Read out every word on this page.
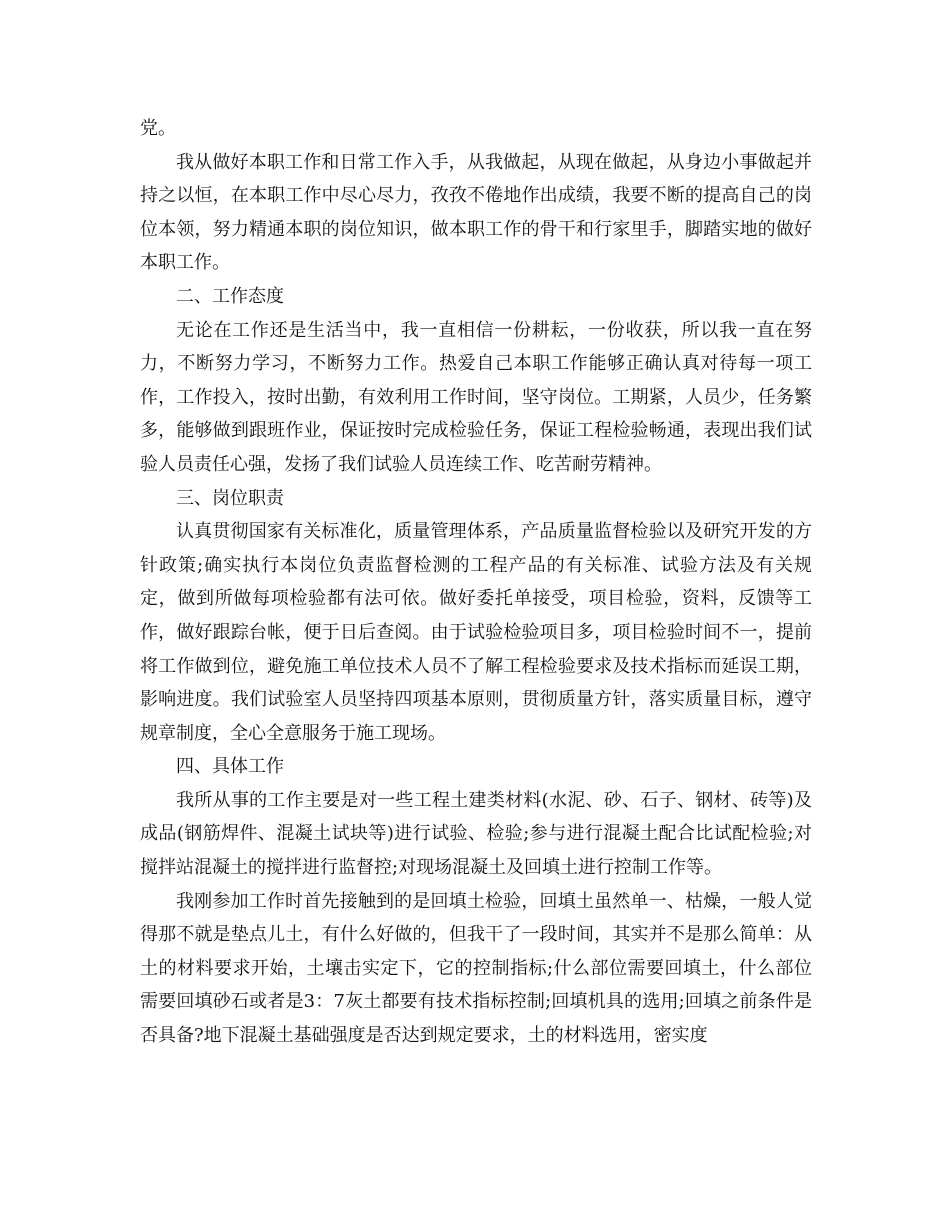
党。

我从做好本职工作和日常工作入手，从我做起，从现在做起，从身边小事做起并持之以恒，在本职工作中尽心尽力，孜孜不倦地作出成绩，我要不断的提高自己的岗位本领，努力精通本职的岗位知识，做本职工作的骨干和行家里手，脚踏实地的做好本职工作。

二、工作态度

无论在工作还是生活当中，我一直相信一份耕耘，一份收获，所以我一直在努力，不断努力学习，不断努力工作。热爱自己本职工作能够正确认真对待每一项工作，工作投入，按时出勤，有效利用工作时间，坚守岗位。工期紧，人员少，任务繁多，能够做到跟班作业，保证按时完成检验任务，保证工程检验畅通，表现出我们试验人员责任心强，发扬了我们试验人员连续工作、吃苦耐劳精神。

三、岗位职责

认真贯彻国家有关标准化，质量管理体系，产品质量监督检验以及研究开发的方针政策;确实执行本岗位负责监督检测的工程产品的有关标准、试验方法及有关规定，做到所做每项检验都有法可依。做好委托单接受，项目检验，资料，反馈等工作，做好跟踪台帐，便于日后查阅。由于试验检验项目多，项目检验时间不一，提前将工作做到位，避免施工单位技术人员不了解工程检验要求及技术指标而延误工期，影响进度。我们试验室人员坚持四项基本原则，贯彻质量方针，落实质量目标，遵守规章制度，全心全意服务于施工现场。

四、具体工作

我所从事的工作主要是对一些工程土建类材料(水泥、砂、石子、钢材、砖等)及成品(钢筋焊件、混凝土试块等)进行试验、检验;参与进行混凝土配合比试配检验;对搅拌站混凝土的搅拌进行监督控;对现场混凝土及回填土进行控制工作等。

我刚参加工作时首先接触到的是回填土检验，回填土虽然单一、枯燥，一般人觉得那不就是垫点儿土，有什么好做的，但我干了一段时间，其实并不是那么简单：从土的材料要求开始，土壤击实定下，它的控制指标;什么部位需要回填土，什么部位需要回填砂石或者是3：7灰土都要有技术指标控制;回填机具的选用;回填之前条件是否具备?地下混凝土基础强度是否达到规定要求，土的材料选用，密实度
